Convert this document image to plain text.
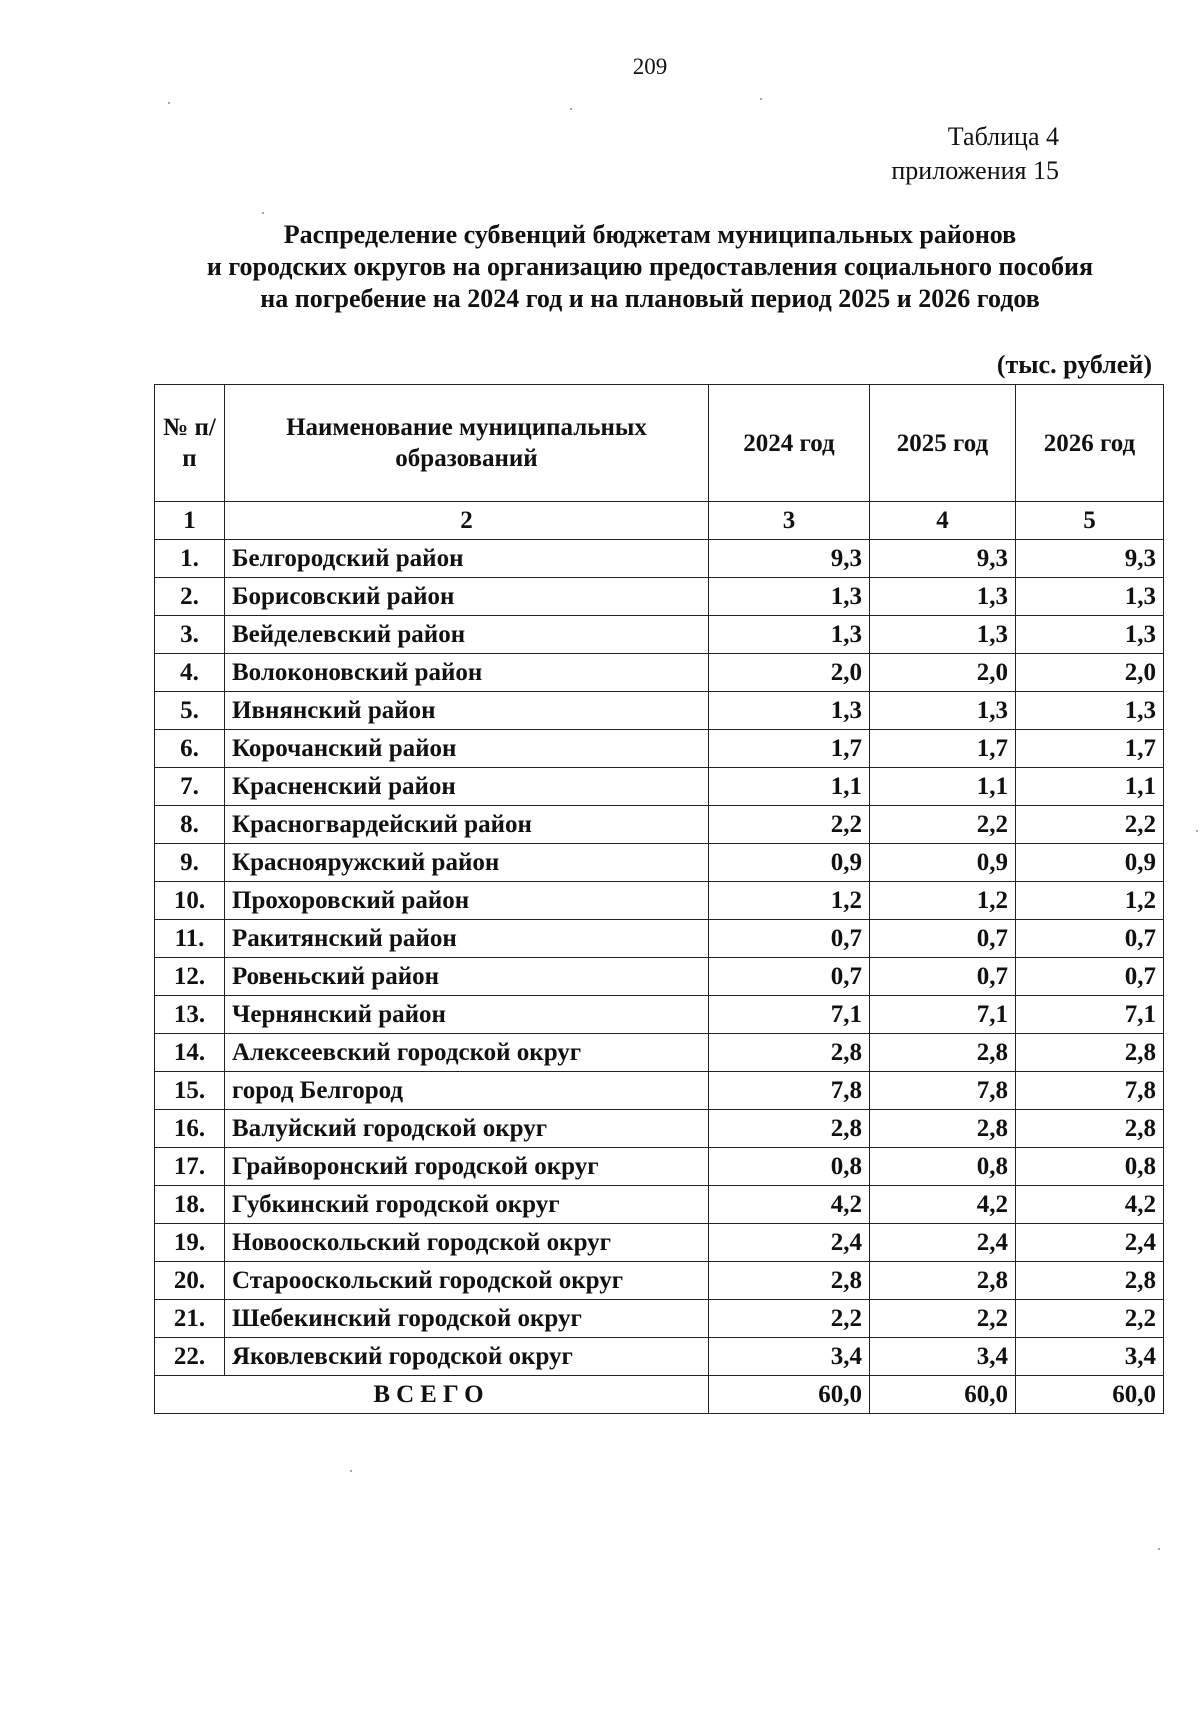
209
Таблица 4
приложения 15
Распределение субвенций бюджетам муниципальных районов
и городских округов на организацию предоставления социального пособия
на погребение на 2024 год и на плановый период 2025 и 2026 годов
(тыс. рублей)
№ п/п	Наименование муниципальных образований	2024 год	2025 год	2026 год
1	2	3	4	5
1.	Белгородский район	9,3	9,3	9,3
2.	Борисовский район	1,3	1,3	1,3
3.	Вейделевский район	1,3	1,3	1,3
4.	Волоконовский район	2,0	2,0	2,0
5.	Ивнянский район	1,3	1,3	1,3
6.	Корочанский район	1,7	1,7	1,7
7.	Красненский район	1,1	1,1	1,1
8.	Красногвардейский район	2,2	2,2	2,2
9.	Краснояружский район	0,9	0,9	0,9
10.	Прохоровский район	1,2	1,2	1,2
11.	Ракитянский район	0,7	0,7	0,7
12.	Ровеньский район	0,7	0,7	0,7
13.	Чернянский район	7,1	7,1	7,1
14.	Алексеевский городской округ	2,8	2,8	2,8
15.	город Белгород	7,8	7,8	7,8
16.	Валуйский городской округ	2,8	2,8	2,8
17.	Грайворонский городской округ	0,8	0,8	0,8
18.	Губкинский городской округ	4,2	4,2	4,2
19.	Новооскольский городской округ	2,4	2,4	2,4
20.	Старооскольский городской округ	2,8	2,8	2,8
21.	Шебекинский городской округ	2,2	2,2	2,2
22.	Яковлевский городской округ	3,4	3,4	3,4
ВСЕГО		60,0	60,0	60,0
